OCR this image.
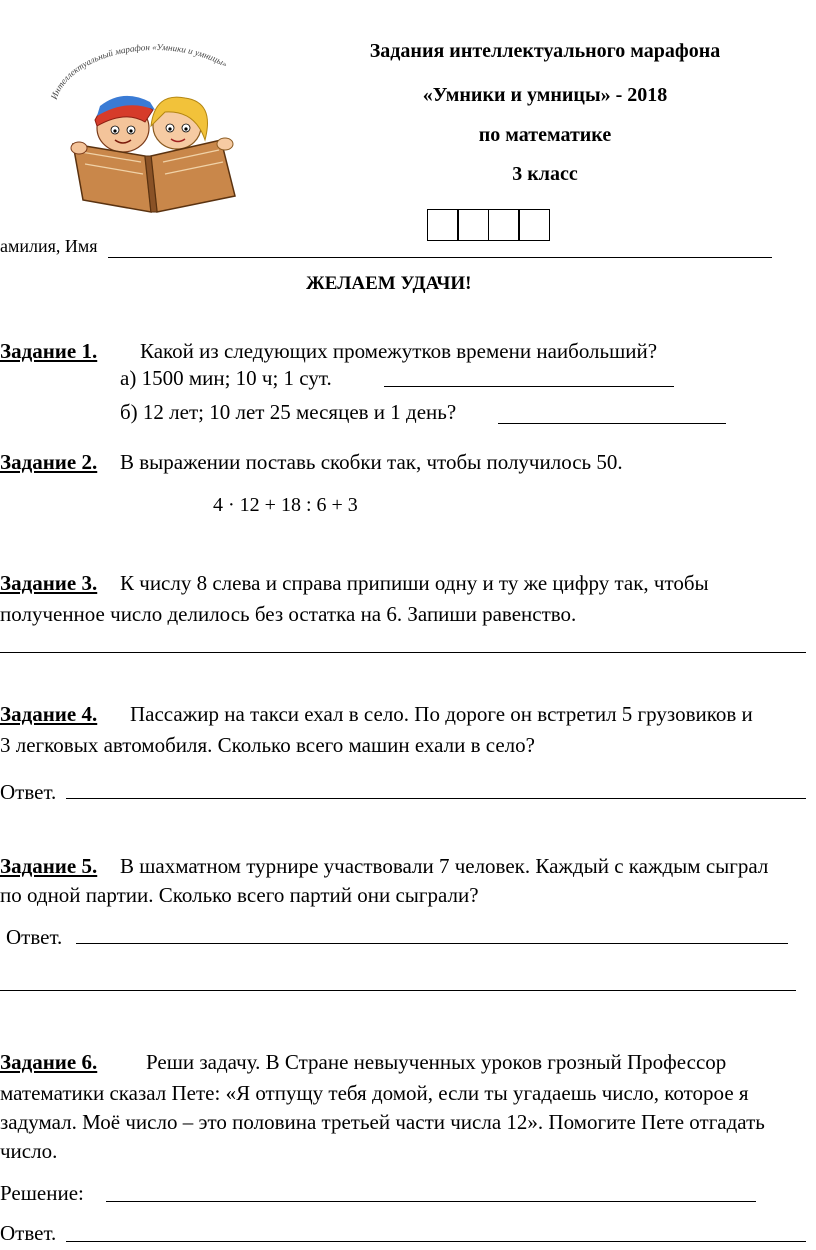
Интеллектуальный марафон «Умники и умницы»
Задания интеллектуального марафона
«Умники и умницы» - 2018
по математике
3 класс
амилия, Имя
ЖЕЛАЕМ УДАЧИ!
Задание 1. Какой из следующих промежутков времени наибольший?
а) 1500 мин; 10 ч; 1 сут.
б) 12 лет; 10 лет 25 месяцев и 1 день?
Задание 2. В выражении поставь скобки так, чтобы получилось 50.
4 · 12 + 18 : 6 + 3
Задание 3. К числу 8 слева и справа припиши одну и ту же цифру так, чтобы
полученное число делилось без остатка на 6. Запиши равенство.
Задание 4. Пассажир на такси ехал в село. По дороге он встретил 5 грузовиков и
3 легковых автомобиля. Сколько всего машин ехали в село?
Ответ.
Задание 5. В шахматном турнире участвовали 7 человек. Каждый с каждым сыграл
по одной партии. Сколько всего партий они сыграли?
Ответ.
Задание 6. Реши задачу. В Стране невыученных уроков грозный Профессор
математики сказал Пете: «Я отпущу тебя домой, если ты угадаешь число, которое я
задумал. Моё число – это половина третьей части числа 12». Помогите Пете отгадать
число.
Решение:
Ответ.
